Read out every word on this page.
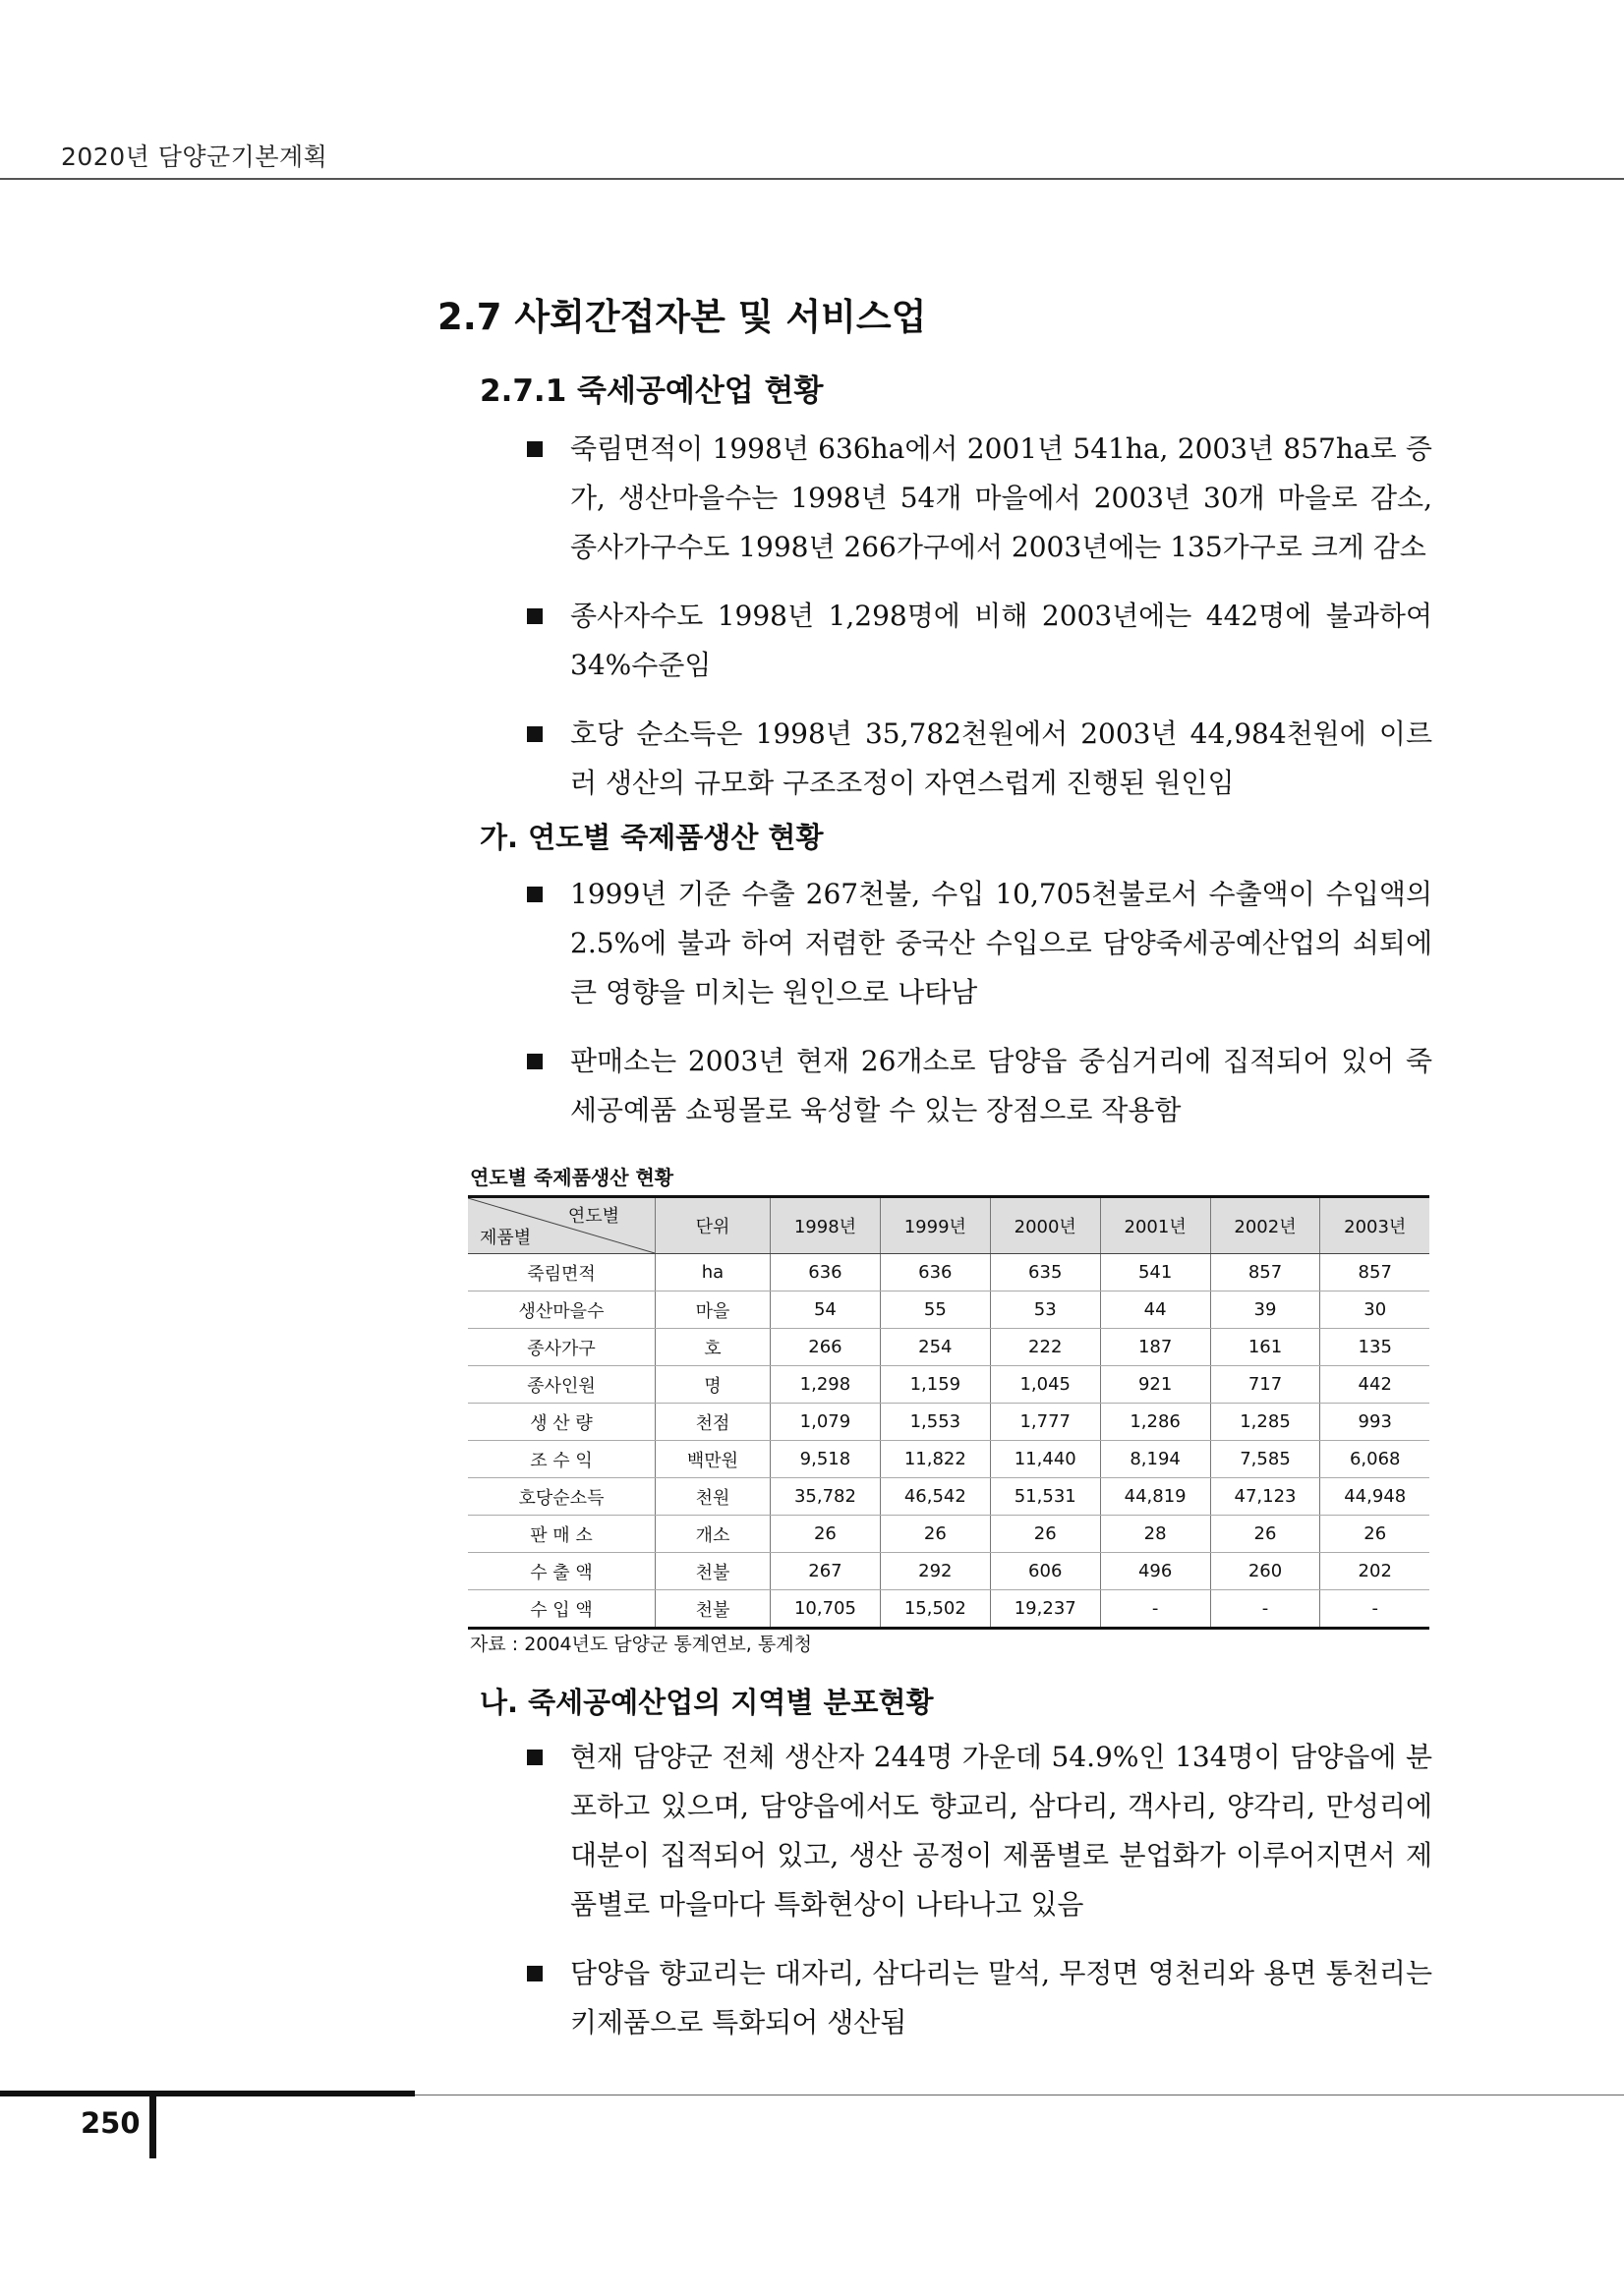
2020년 담양군기본계획
2.7 사회간접자본 및 서비스업
2.7.1 죽세공예산업 현황
죽림면적이 1998년 636ha에서 2001년 541ha, 2003년 857ha로 증가, 생산마을수는 1998년 54개 마을에서 2003년 30개 마을로 감소, 종사가구수도 1998년 266가구에서 2003년에는 135가구로 크게 감소
종사자수도 1998년 1,298명에 비해 2003년에는 442명에 불과하여 34%수준임
호당 순소득은 1998년 35,782천원에서 2003년 44,984천원에 이르러 생산의 규모화 구조조정이 자연스럽게 진행된 원인임
가. 연도별 죽제품생산 현황
1999년 기준 수출 267천불, 수입 10,705천불로서 수출액이 수입액의 2.5%에 불과 하여 저렴한 중국산 수입으로 담양죽세공예산업의 쇠퇴에 큰 영향을 미치는 원인으로 나타남
판매소는 2003년 현재 26개소로 담양읍 중심거리에 집적되어 있어 죽세공예품 쇼핑몰로 육성할 수 있는 장점으로 작용함
연도별 죽제품생산 현황
연도별
제품별	단위	1998년	1999년	2000년	2001년	2002년	2003년
죽림면적	ha	636	636	635	541	857	857
생산마을수	마을	54	55	53	44	39	30
종사가구	호	266	254	222	187	161	135
종사인원	명	1,298	1,159	1,045	921	717	442
생 산 량	천점	1,079	1,553	1,777	1,286	1,285	993
조 수 익	백만원	9,518	11,822	11,440	8,194	7,585	6,068
호당순소득	천원	35,782	46,542	51,531	44,819	47,123	44,948
판 매 소	개소	26	26	26	28	26	26
수 출 액	천불	267	292	606	496	260	202
수 입 액	천불	10,705	15,502	19,237	-	-	-
자료 : 2004년도 담양군 통계연보, 통계청
나. 죽세공예산업의 지역별 분포현황
현재 담양군 전체 생산자 244명 가운데 54.9%인 134명이 담양읍에 분포하고 있으며, 담양읍에서도 향교리, 삼다리, 객사리, 양각리, 만성리에 대분이 집적되어 있고, 생산 공정이 제품별로 분업화가 이루어지면서 제품별로 마을마다 특화현상이 나타나고 있음
담양읍 향교리는 대자리, 삼다리는 말석, 무정면 영천리와 용면 통천리는 키제품으로 특화되어 생산됨
250
